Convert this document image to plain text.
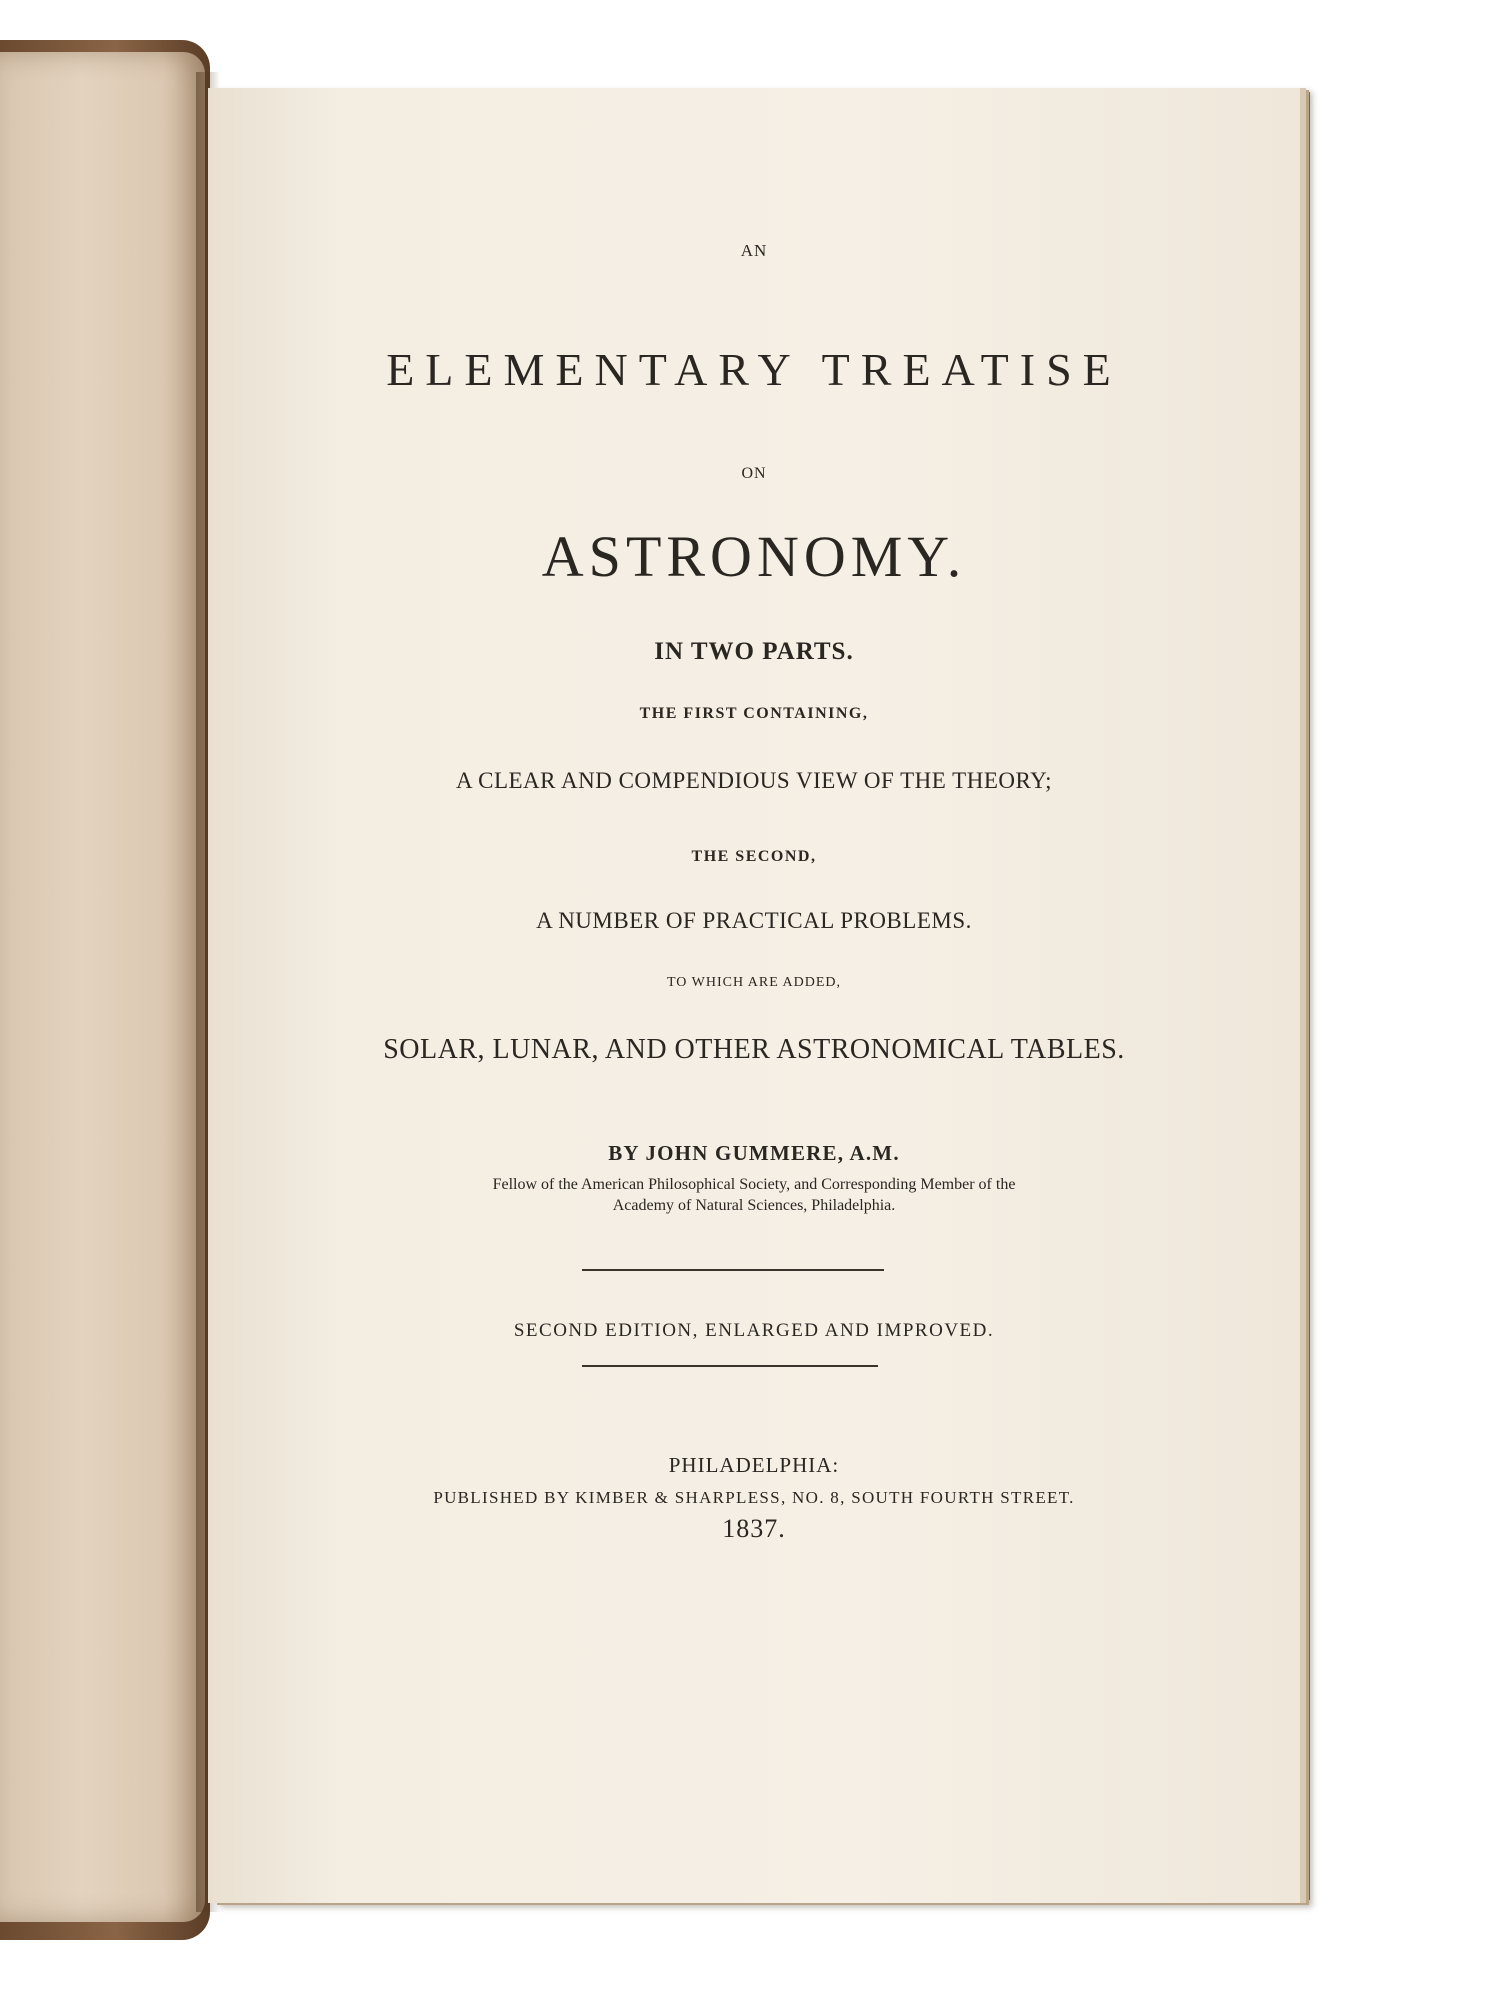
AN
ELEMENTARY TREATISE
ON
ASTRONOMY.
IN TWO PARTS.
THE FIRST CONTAINING,
A CLEAR AND COMPENDIOUS VIEW OF THE THEORY;
THE SECOND,
A NUMBER OF PRACTICAL PROBLEMS.
TO WHICH ARE ADDED,
SOLAR, LUNAR, AND OTHER ASTRONOMICAL TABLES.
BY JOHN GUMMERE, A.M.
Fellow of the American Philosophical Society, and Corresponding Member of the
Academy of Natural Sciences, Philadelphia.
SECOND EDITION, ENLARGED AND IMPROVED.
PHILADELPHIA:
PUBLISHED BY KIMBER & SHARPLESS, NO. 8, SOUTH FOURTH STREET.
1837.
